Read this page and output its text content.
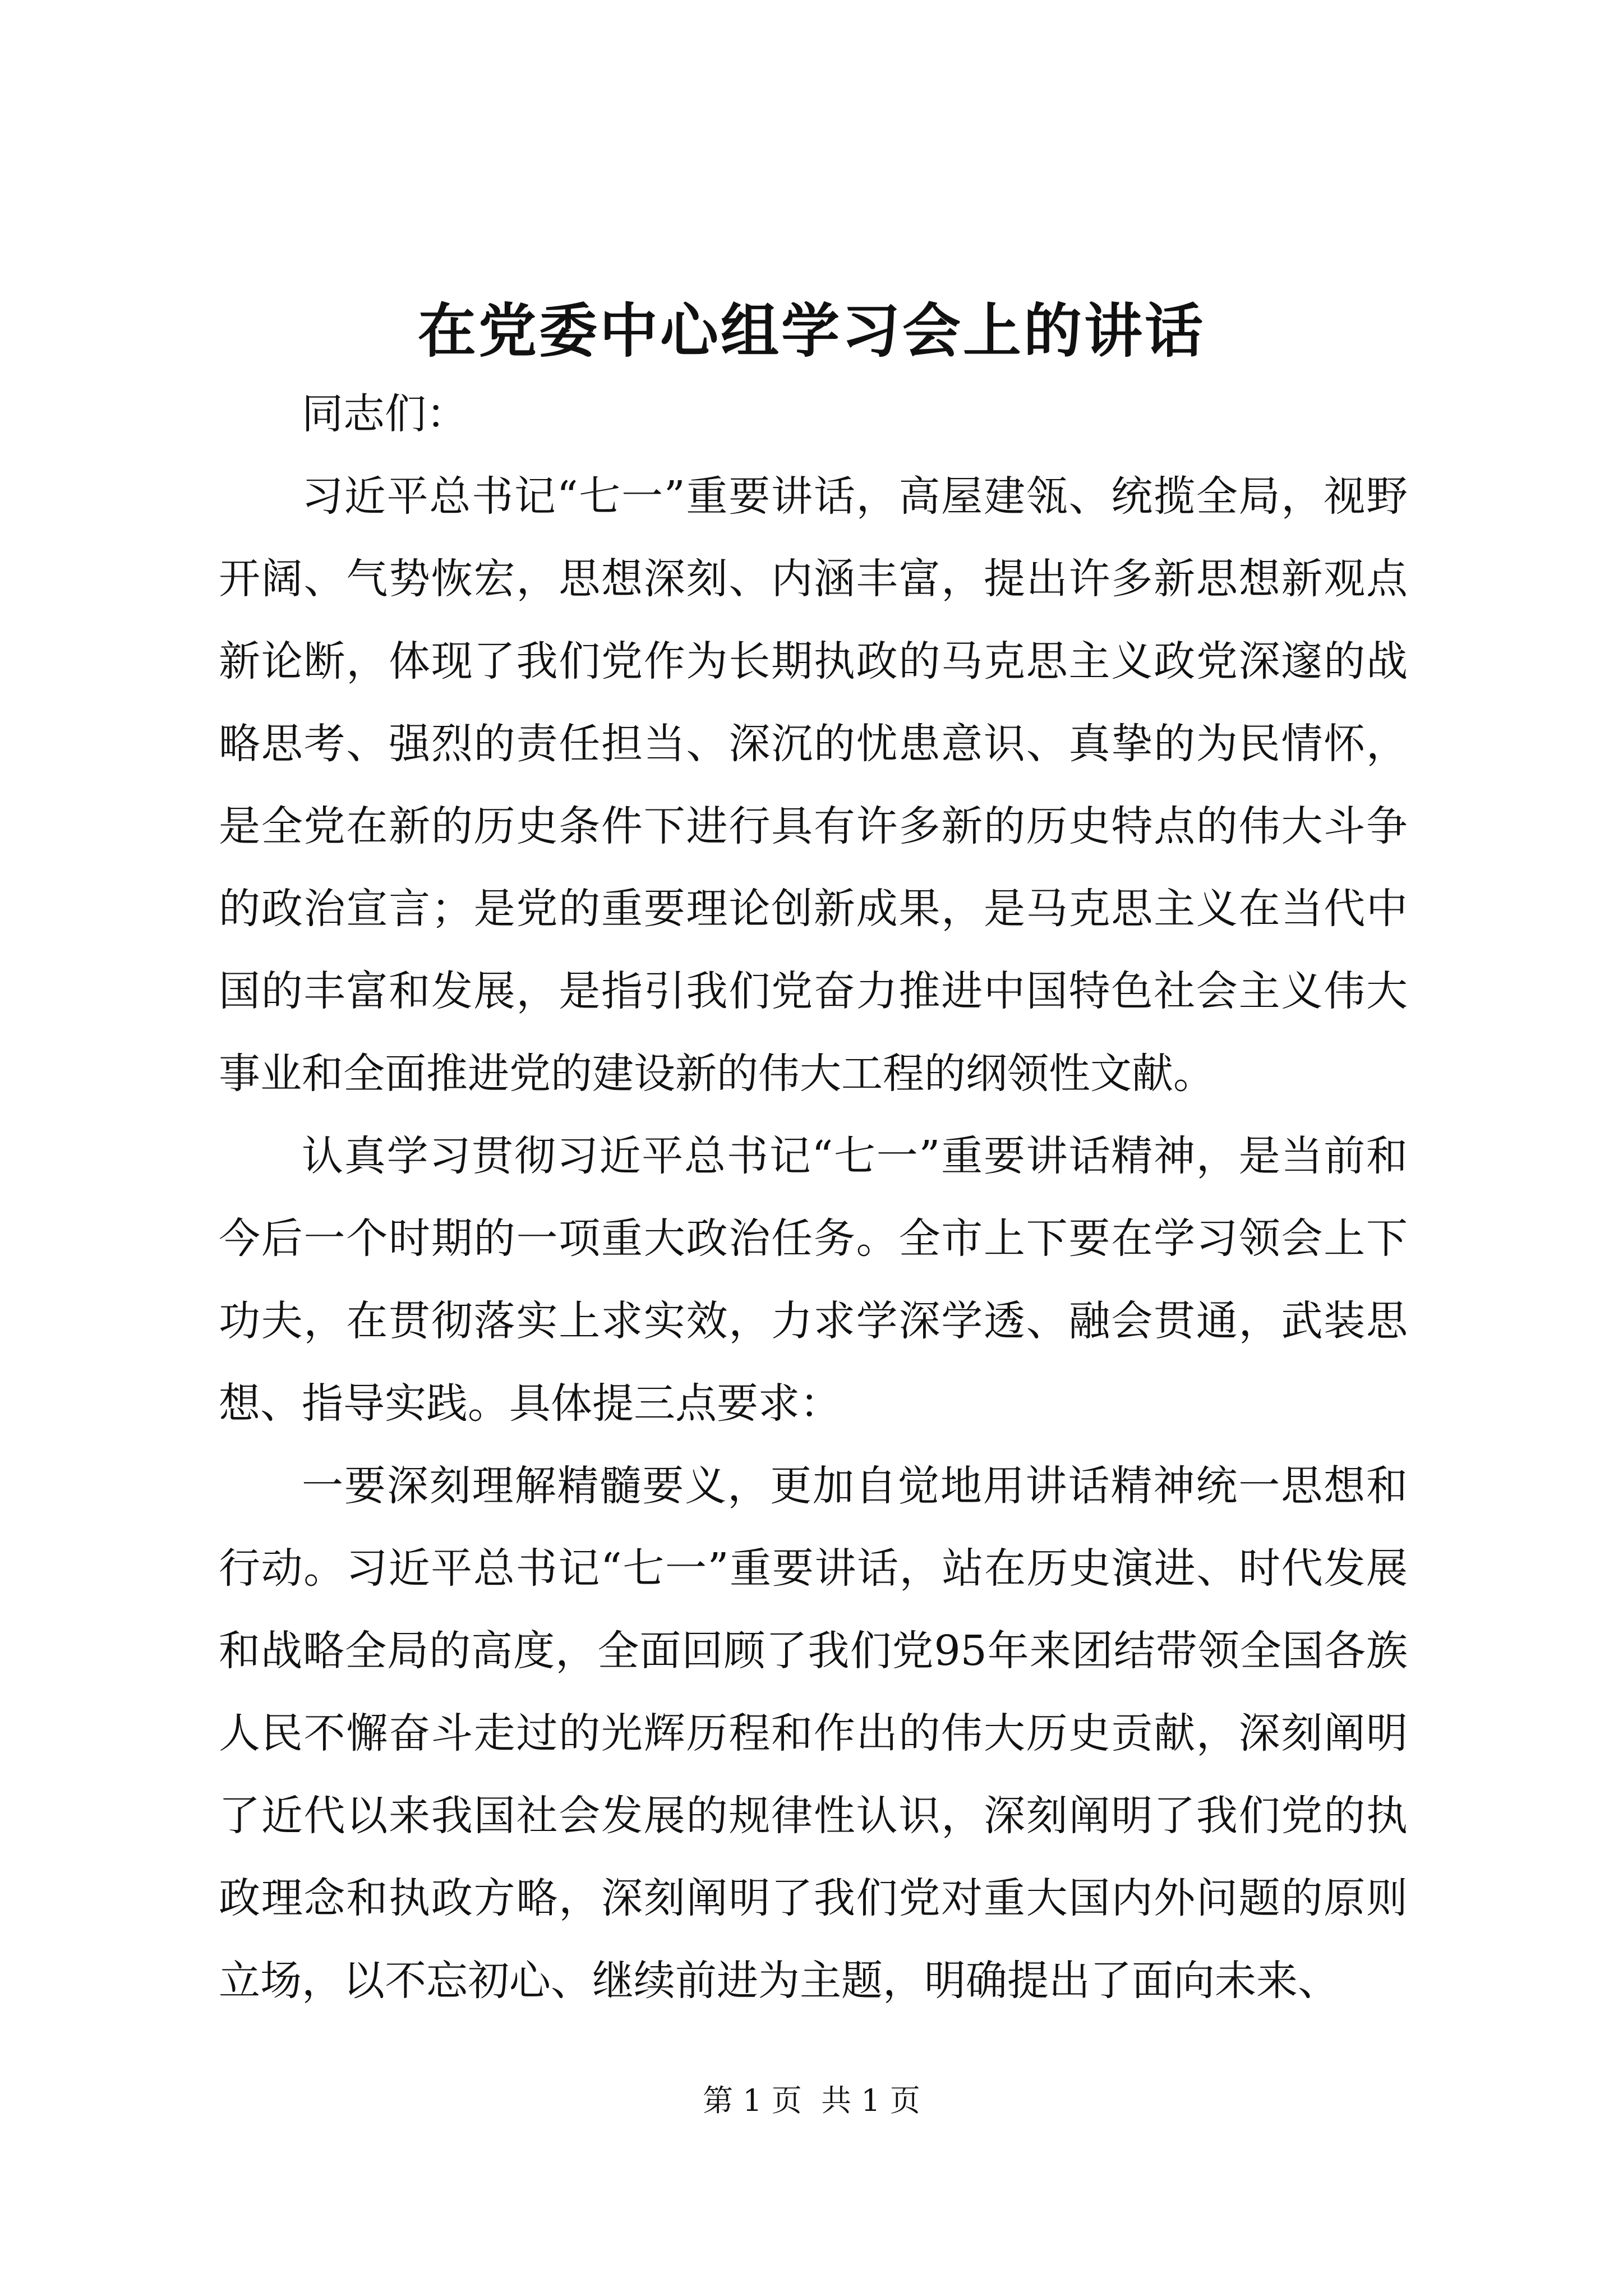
在党委中心组学习会上的讲话

同志们：

习近平总书记“七一”重要讲话，高屋建瓴、统揽全局，视野开阔、气势恢宏，思想深刻、内涵丰富，提出许多新思想新观点新论断，体现了我们党作为长期执政的马克思主义政党深邃的战略思考、强烈的责任担当、深沉的忧患意识、真挚的为民情怀，是全党在新的历史条件下进行具有许多新的历史特点的伟大斗争的政治宣言；是党的重要理论创新成果，是马克思主义在当代中国的丰富和发展，是指引我们党奋力推进中国特色社会主义伟大事业和全面推进党的建设新的伟大工程的纲领性文献。

认真学习贯彻习近平总书记“七一”重要讲话精神，是当前和今后一个时期的一项重大政治任务。全市上下要在学习领会上下功夫，在贯彻落实上求实效，力求学深学透、融会贯通，武装思想、指导实践。具体提三点要求：

一要深刻理解精髓要义，更加自觉地用讲话精神统一思想和行动。习近平总书记“七一”重要讲话，站在历史演进、时代发展和战略全局的高度，全面回顾了我们党95年来团结带领全国各族人民不懈奋斗走过的光辉历程和作出的伟大历史贡献，深刻阐明了近代以来我国社会发展的规律性认识，深刻阐明了我们党的执政理念和执政方略，深刻阐明了我们党对重大国内外问题的原则立场，以不忘初心、继续前进为主题，明确提出了面向未来、

第 1 页  共 1 页
